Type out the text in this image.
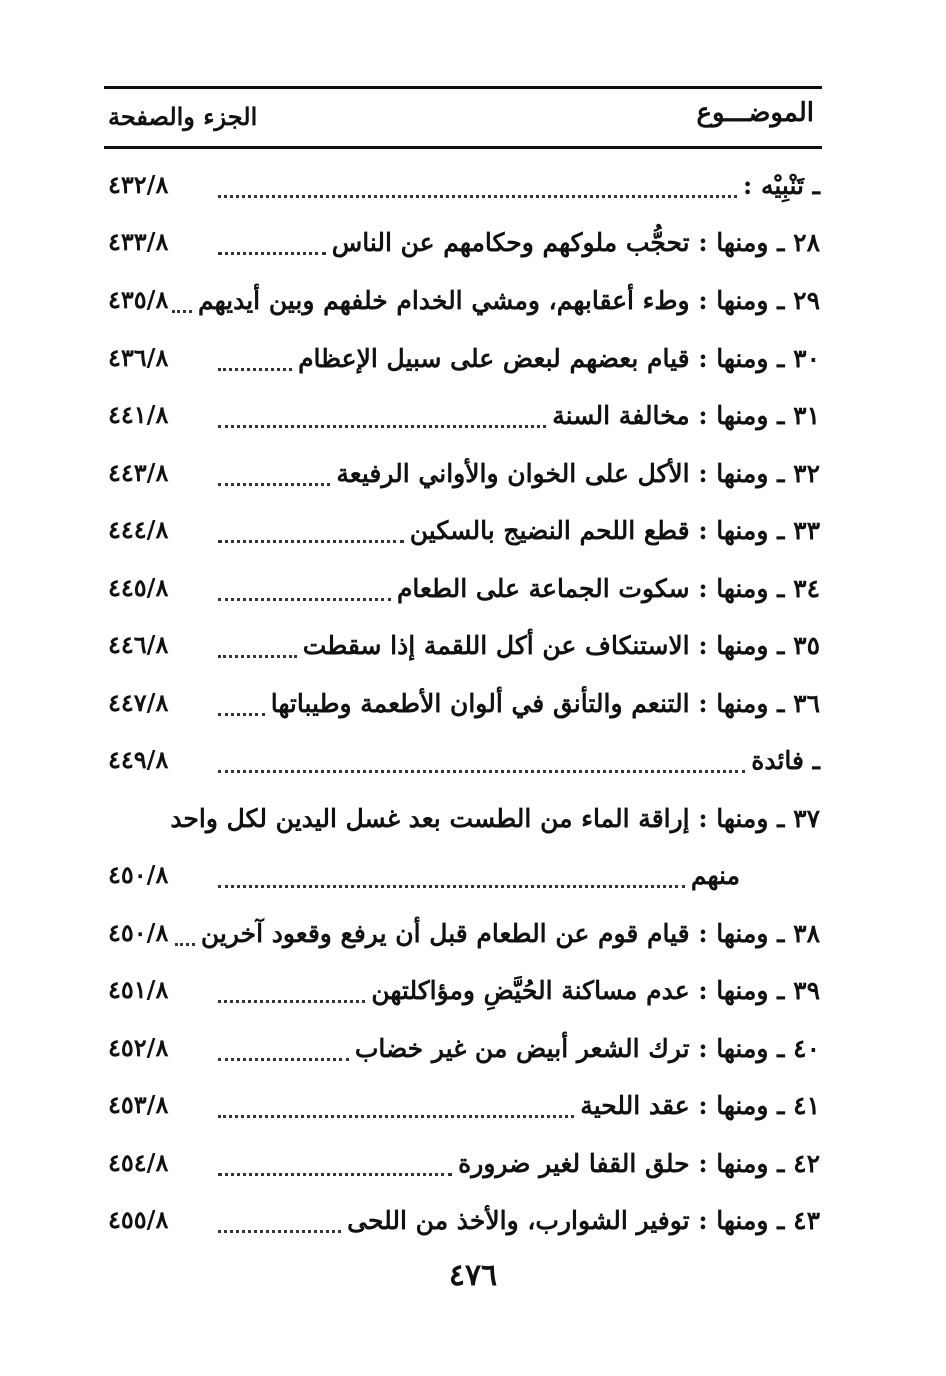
الموضـــوع
الجزء والصفحة
٤٣٢/٨	ـ تَنْبِيْه :
٤٣٣/٨	٢٨ ـ ومنها : تحجُّب ملوكهم وحكامهم عن الناس
٤٣٥/٨	٢٩ ـ ومنها : وطء أعقابهم، ومشي الخدام خلفهم وبين أيديهم
٤٣٦/٨	٣٠ ـ ومنها : قيام بعضهم لبعض على سبيل الإعظام
٤٤١/٨	٣١ ـ ومنها : مخالفة السنة
٤٤٣/٨	٣٢ ـ ومنها : الأكل على الخوان والأواني الرفيعة
٤٤٤/٨	٣٣ ـ ومنها : قطع اللحم النضيج بالسكين
٤٤٥/٨	٣٤ ـ ومنها : سكوت الجماعة على الطعام
٤٤٦/٨	٣٥ ـ ومنها : الاستنكاف عن أكل اللقمة إذا سقطت
٤٤٧/٨	٣٦ ـ ومنها : التنعم والتأنق في ألوان الأطعمة وطيباتها
٤٤٩/٨	ـ فائدة
٣٧ ـ ومنها : إراقة الماء من الطست بعد غسل اليدين لكل واحد
٤٥٠/٨	منهم
٤٥٠/٨	٣٨ ـ ومنها : قيام قوم عن الطعام قبل أن يرفع وقعود آخرين
٤٥١/٨	٣٩ ـ ومنها : عدم مساكنة الحُيَّضِ ومؤاكلتهن
٤٥٢/٨	٤٠ ـ ومنها : ترك الشعر أبيض من غير خضاب
٤٥٣/٨	٤١ ـ ومنها : عقد اللحية
٤٥٤/٨	٤٢ ـ ومنها : حلق القفا لغير ضرورة
٤٥٥/٨	٤٣ ـ ومنها : توفير الشوارب، والأخذ من اللحى
٤٧٦
